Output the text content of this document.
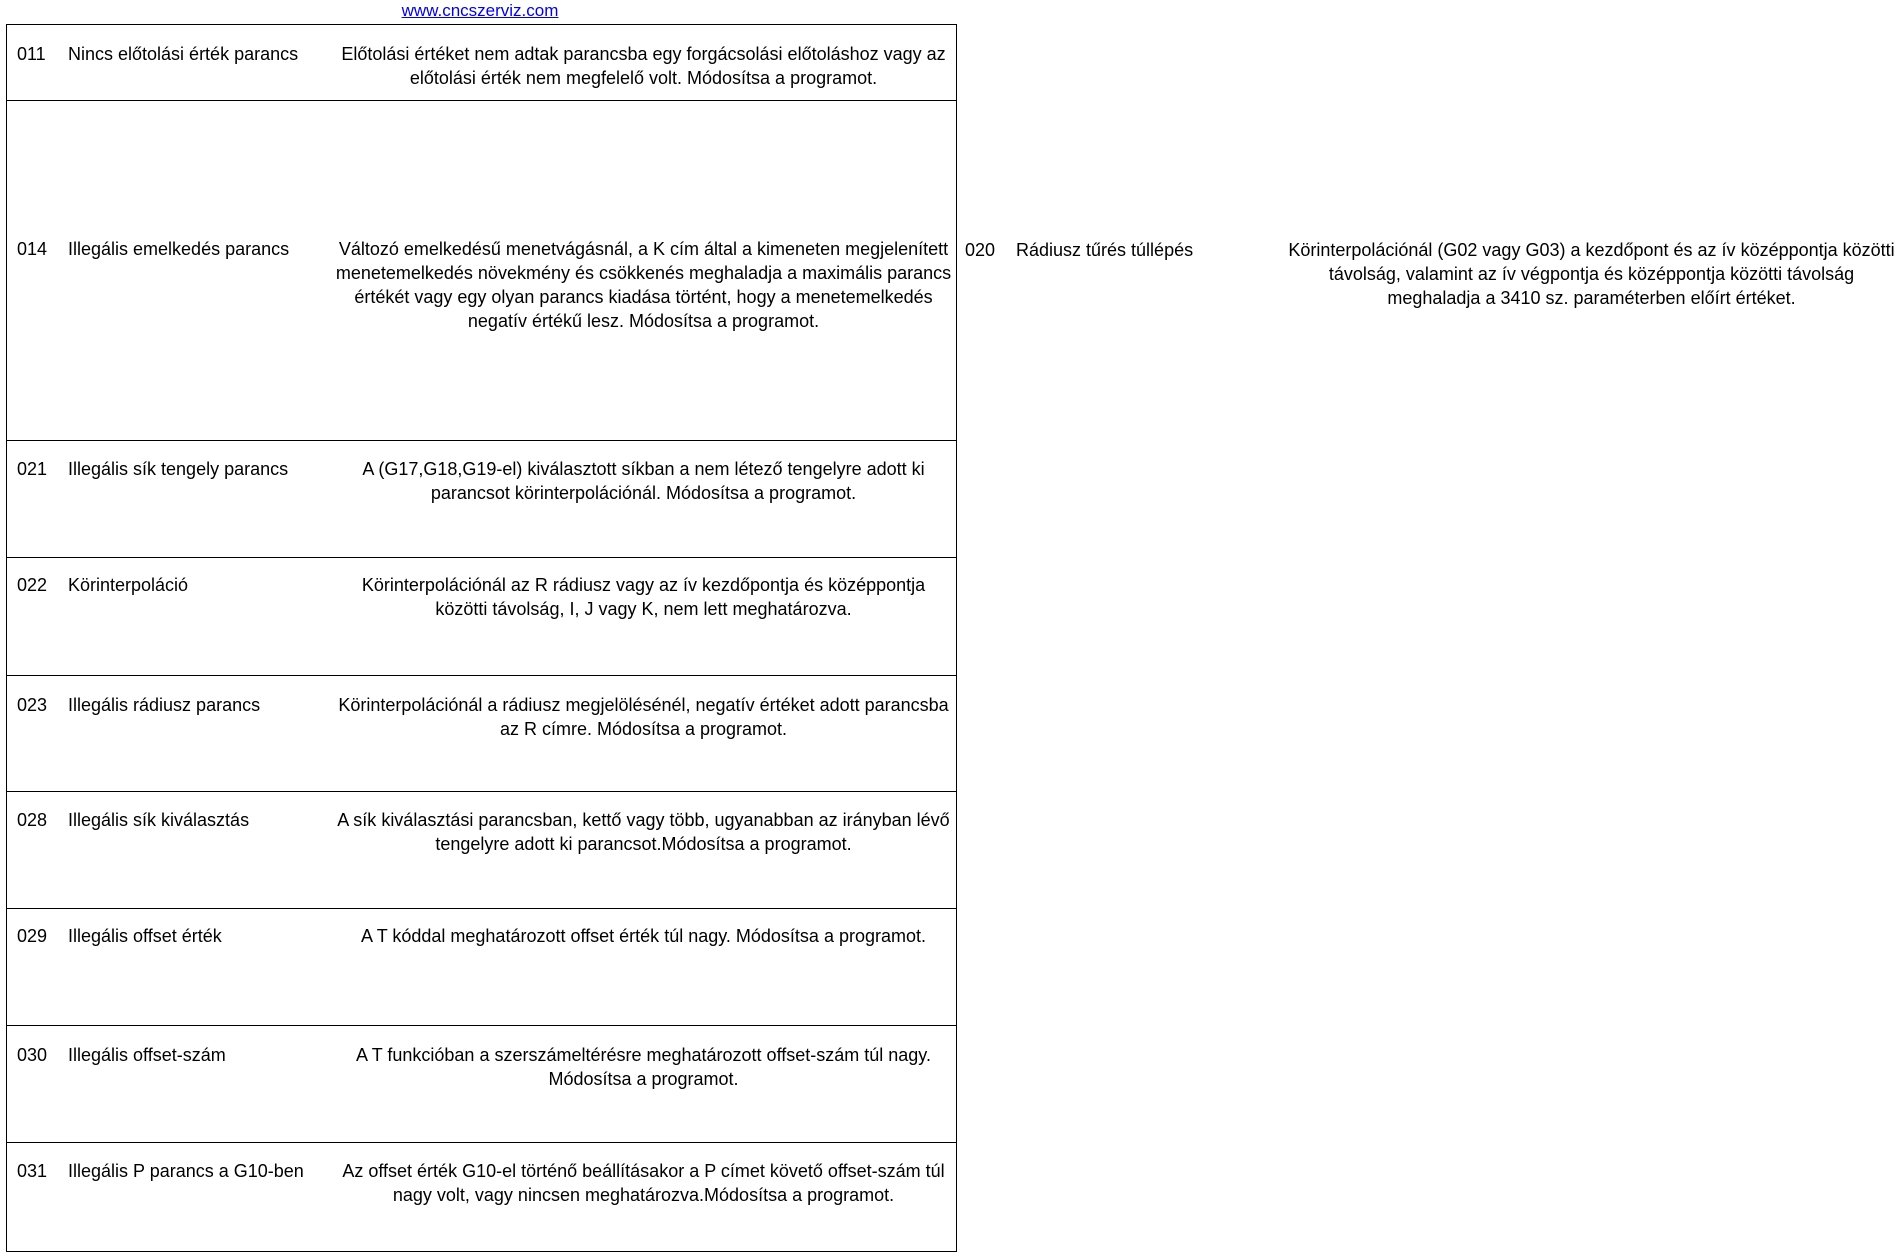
www.cncszerviz.com
011	Nincs előtolási érték parancs	Előtolási értéket nem adtak parancsba egy forgácsolási előtoláshoz vagy az előtolási érték nem megfelelő volt. Módosítsa a programot.
014	Illegális emelkedés parancs	Változó emelkedésű menetvágásnál, a K cím által a kimeneten megjelenített menetemelkedés növekmény és csökkenés meghaladja a maximális parancs értékét vagy egy olyan parancs kiadása történt, hogy a menetemelkedés negatív értékű lesz. Módosítsa a programot.
020	Rádiusz tűrés túllépés	Körinterpolációnál (G02 vagy G03) a kezdőpont és az ív középpontja közötti távolság, valamint az ív végpontja és középpontja közötti távolság meghaladja a 3410 sz. paraméterben előírt értéket.
021	Illegális sík tengely parancs	A (G17,G18,G19-el) kiválasztott síkban a nem létező tengelyre adott ki parancsot körinterpolációnál. Módosítsa a programot.
022	Körinterpoláció	Körinterpolációnál az R rádiusz vagy az ív kezdőpontja és középpontja közötti távolság, I, J vagy K, nem lett meghatározva.
023	Illegális rádiusz parancs	Körinterpolációnál a rádiusz megjelölésénél, negatív értéket adott parancsba az R címre. Módosítsa a programot.
028	Illegális sík kiválasztás	A sík kiválasztási parancsban, kettő vagy több, ugyanabban az irányban lévő tengelyre adott ki parancsot.Módosítsa a programot.
029	Illegális offset érték	A T kóddal meghatározott offset érték túl nagy. Módosítsa a programot.
030	Illegális offset-szám	A T funkcióban a szerszámeltérésre meghatározott offset-szám túl nagy. Módosítsa a programot.
031	Illegális P parancs a G10-ben	Az offset érték G10-el történő beállításakor a P címet követő offset-szám túl nagy volt, vagy nincsen meghatározva.Módosítsa a programot.
